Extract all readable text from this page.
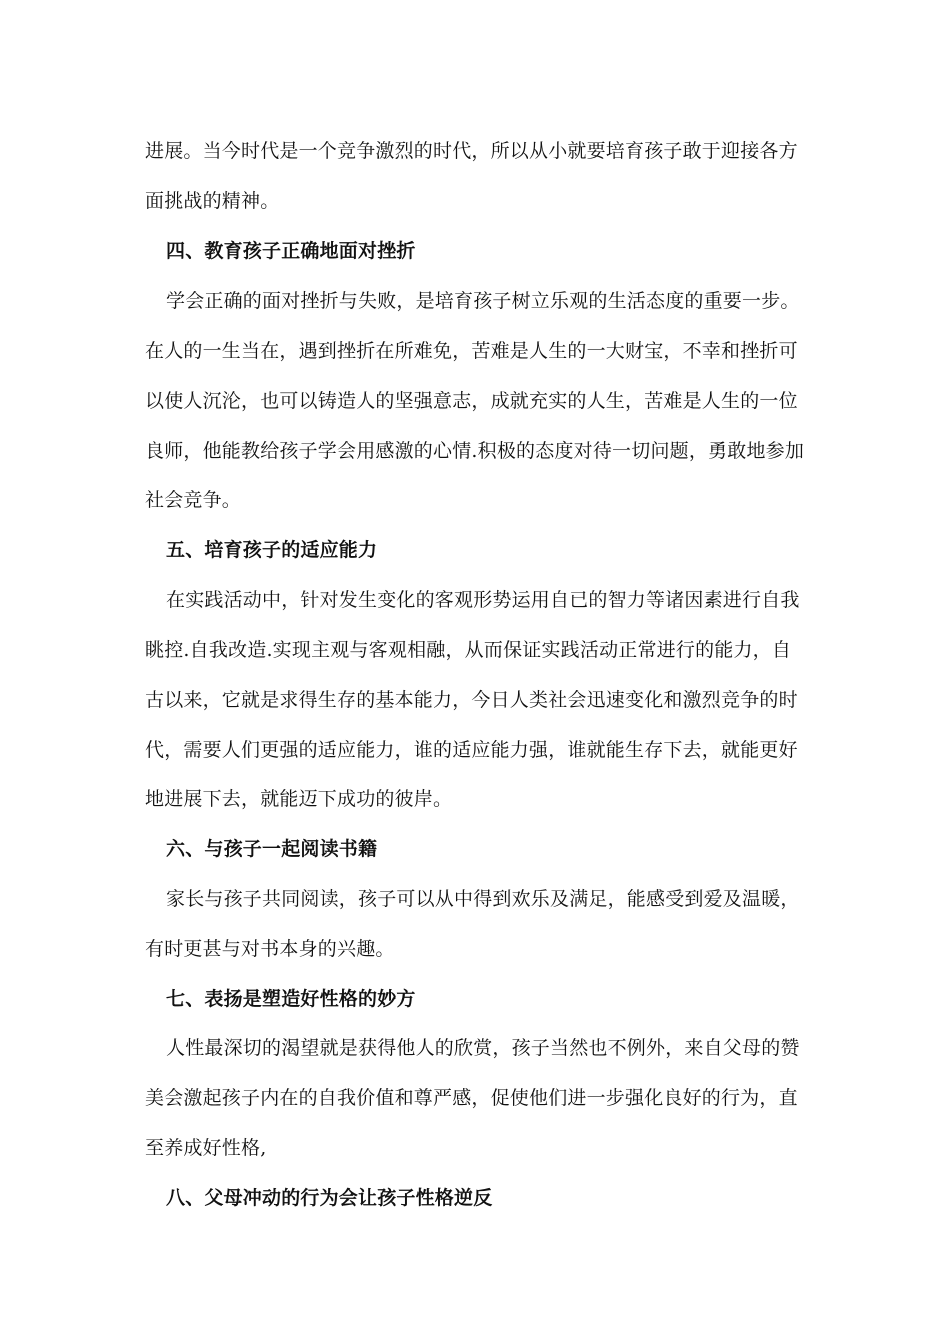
进展。当今时代是一个竞争激烈的时代，所以从小就要培育孩子敢于迎接各方
面挑战的精神。
四、教育孩子正确地面对挫折
学会正确的面对挫折与失败，是培育孩子树立乐观的生活态度的重要一步。
在人的一生当在，遇到挫折在所难免，苦难是人生的一大财宝，不幸和挫折可
以使人沉沦，也可以铸造人的坚强意志，成就充实的人生，苦难是人生的一位
良师，他能教给孩子学会用感激的心情.积极的态度对待一切问题，勇敢地参加
社会竞争。
五、培育孩子的适应能力
在实践活动中，针对发生变化的客观形势运用自已的智力等诸因素进行自我
眺控.自我改造.实现主观与客观相融，从而保证实践活动正常进行的能力，自
古以来，它就是求得生存的基本能力，今日人类社会迅速变化和激烈竞争的时
代，需要人们更强的适应能力，谁的适应能力强，谁就能生存下去，就能更好
地进展下去，就能迈下成功的彼岸。
六、与孩子一起阅读书籍
家长与孩子共同阅读，孩子可以从中得到欢乐及满足，能感受到爱及温暖，
有时更甚与对书本身的兴趣。
七、表扬是塑造好性格的妙方
人性最深切的渴望就是获得他人的欣赏，孩子当然也不例外，来自父母的赞
美会激起孩子内在的自我价值和尊严感，促使他们进一步强化良好的行为，直
至养成好性格,
八、父母冲动的行为会让孩子性格逆反
